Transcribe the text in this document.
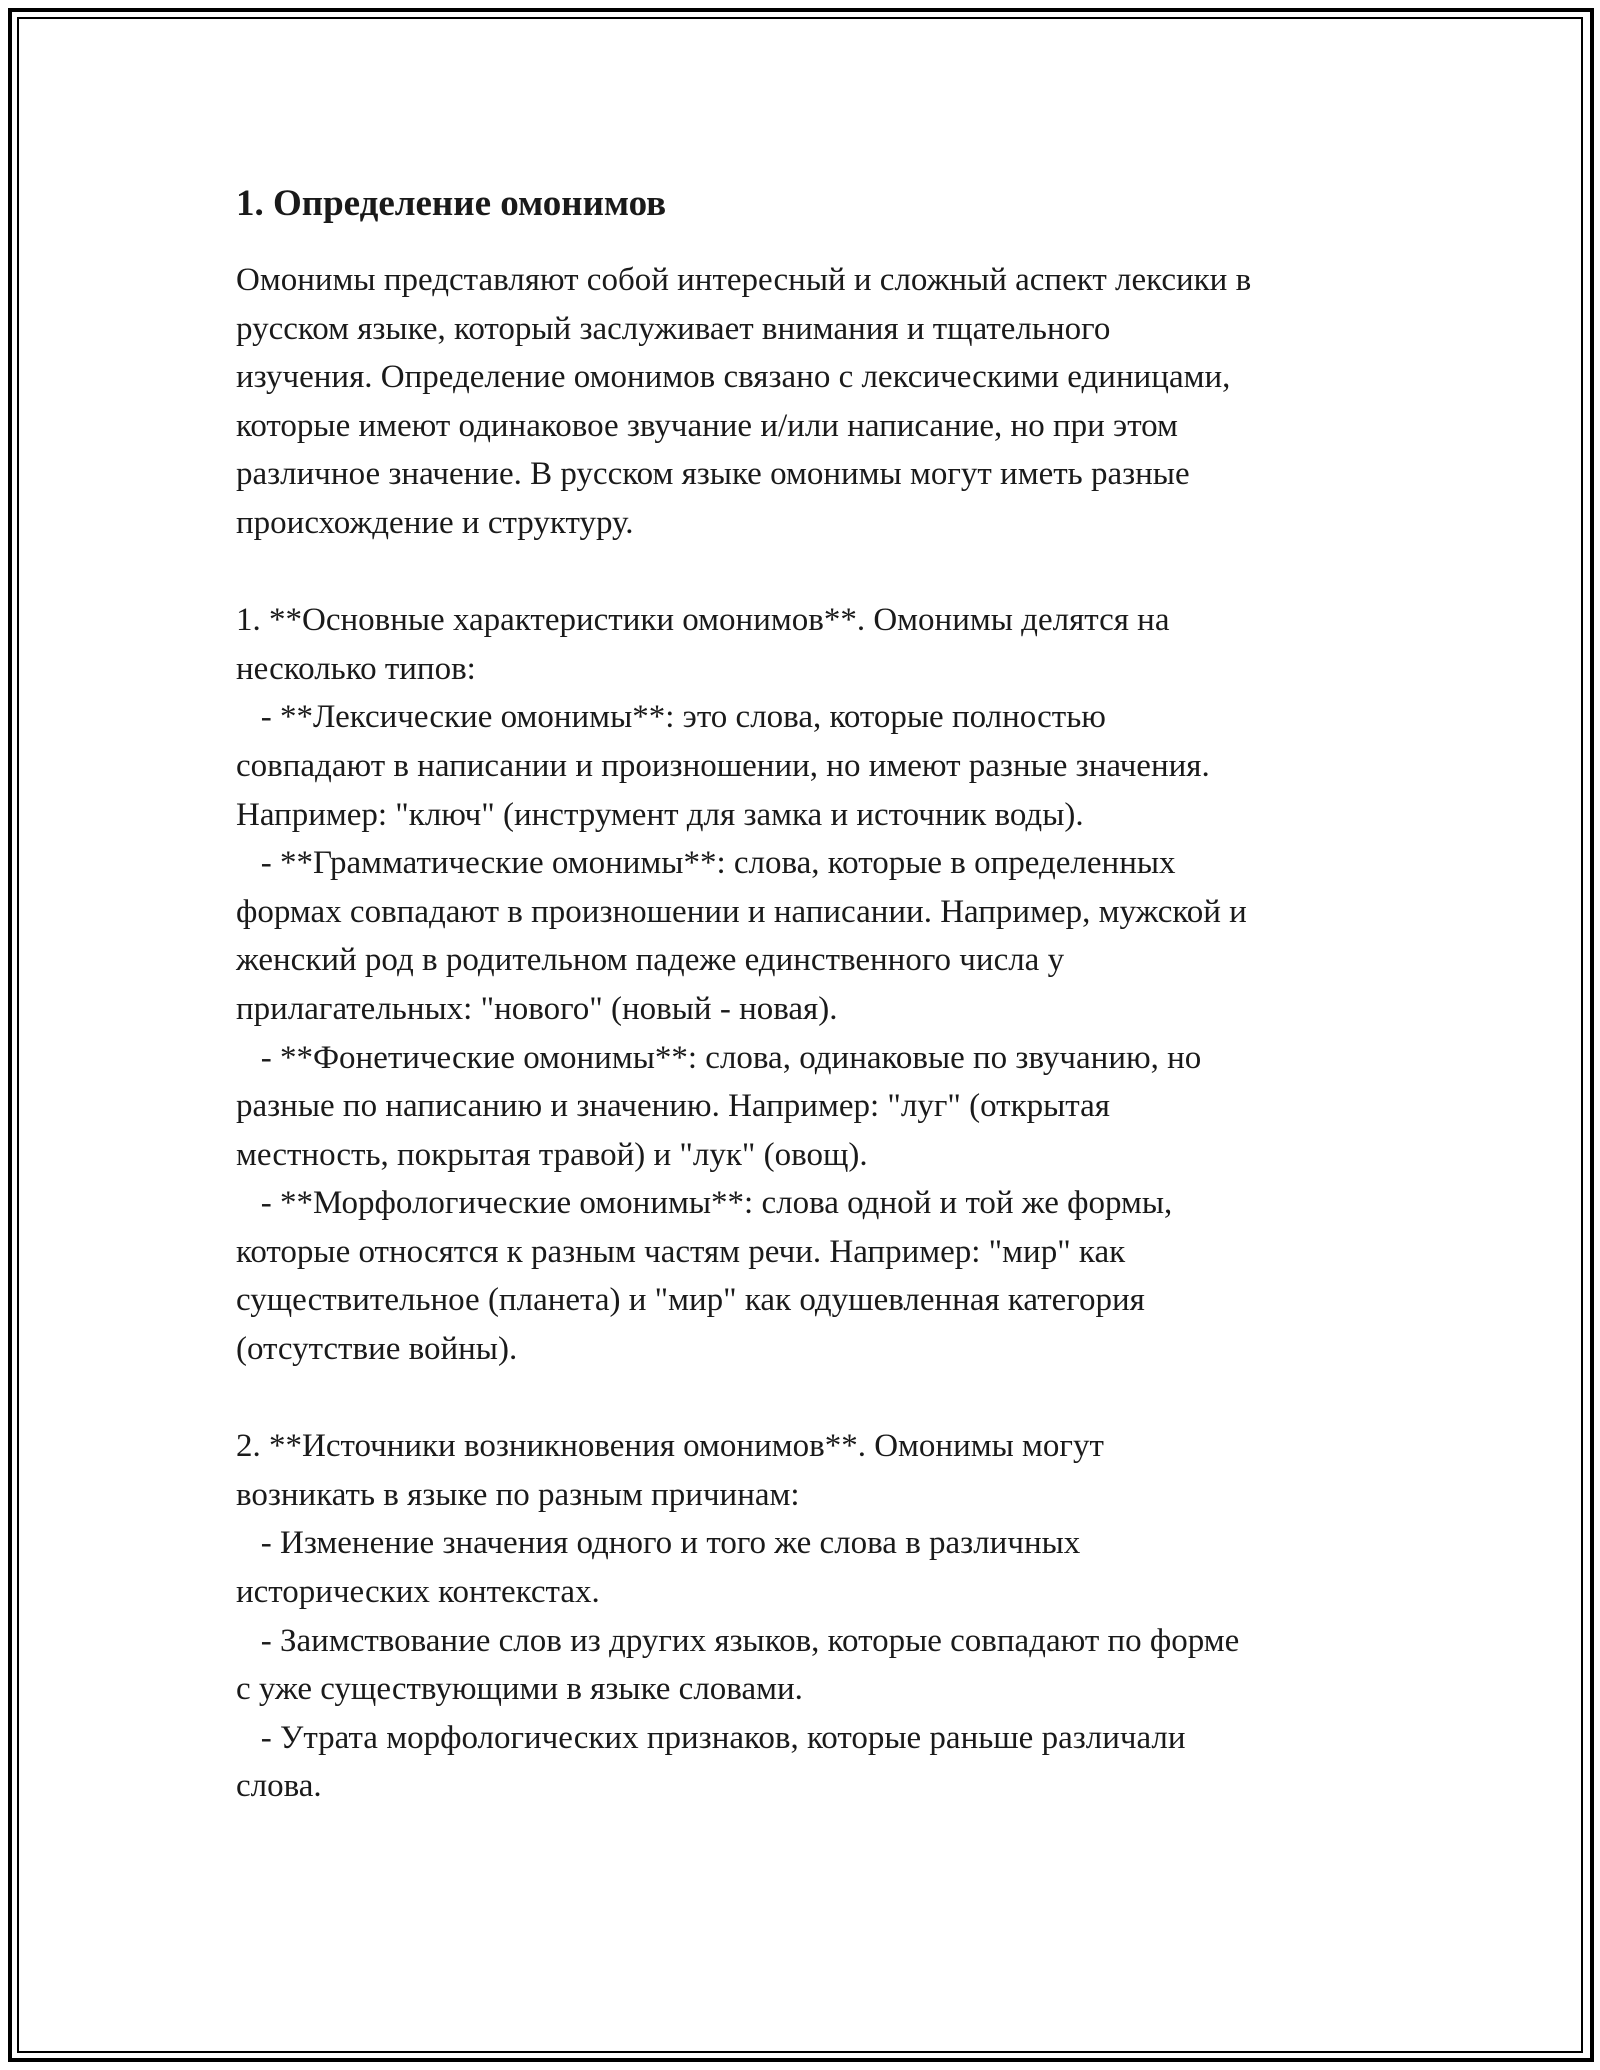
1. Определение омонимов
Омонимы представляют собой интересный и сложный аспект лексики в
русском языке, который заслуживает внимания и тщательного
изучения. Определение омонимов связано с лексическими единицами,
которые имеют одинаковое звучание и/или написание, но при этом
различное значение. В русском языке омонимы могут иметь разные
происхождение и структуру.
1. **Основные характеристики омонимов**. Омонимы делятся на
несколько типов:
- **Лексические омонимы**: это слова, которые полностью
совпадают в написании и произношении, но имеют разные значения.
Например: "ключ" (инструмент для замка и источник воды).
- **Грамматические омонимы**: слова, которые в определенных
формах совпадают в произношении и написании. Например, мужской и
женский род в родительном падеже единственного числа у
прилагательных: "нового" (новый - новая).
- **Фонетические омонимы**: слова, одинаковые по звучанию, но
разные по написанию и значению. Например: "луг" (открытая
местность, покрытая травой) и "лук" (овощ).
- **Морфологические омонимы**: слова одной и той же формы,
которые относятся к разным частям речи. Например: "мир" как
существительное (планета) и "мир" как одушевленная категория
(отсутствие войны).
2. **Источники возникновения омонимов**. Омонимы могут
возникать в языке по разным причинам:
- Изменение значения одного и того же слова в различных
исторических контекстах.
- Заимствование слов из других языков, которые совпадают по форме
с уже существующими в языке словами.
- Утрата морфологических признаков, которые раньше различали
слова.
